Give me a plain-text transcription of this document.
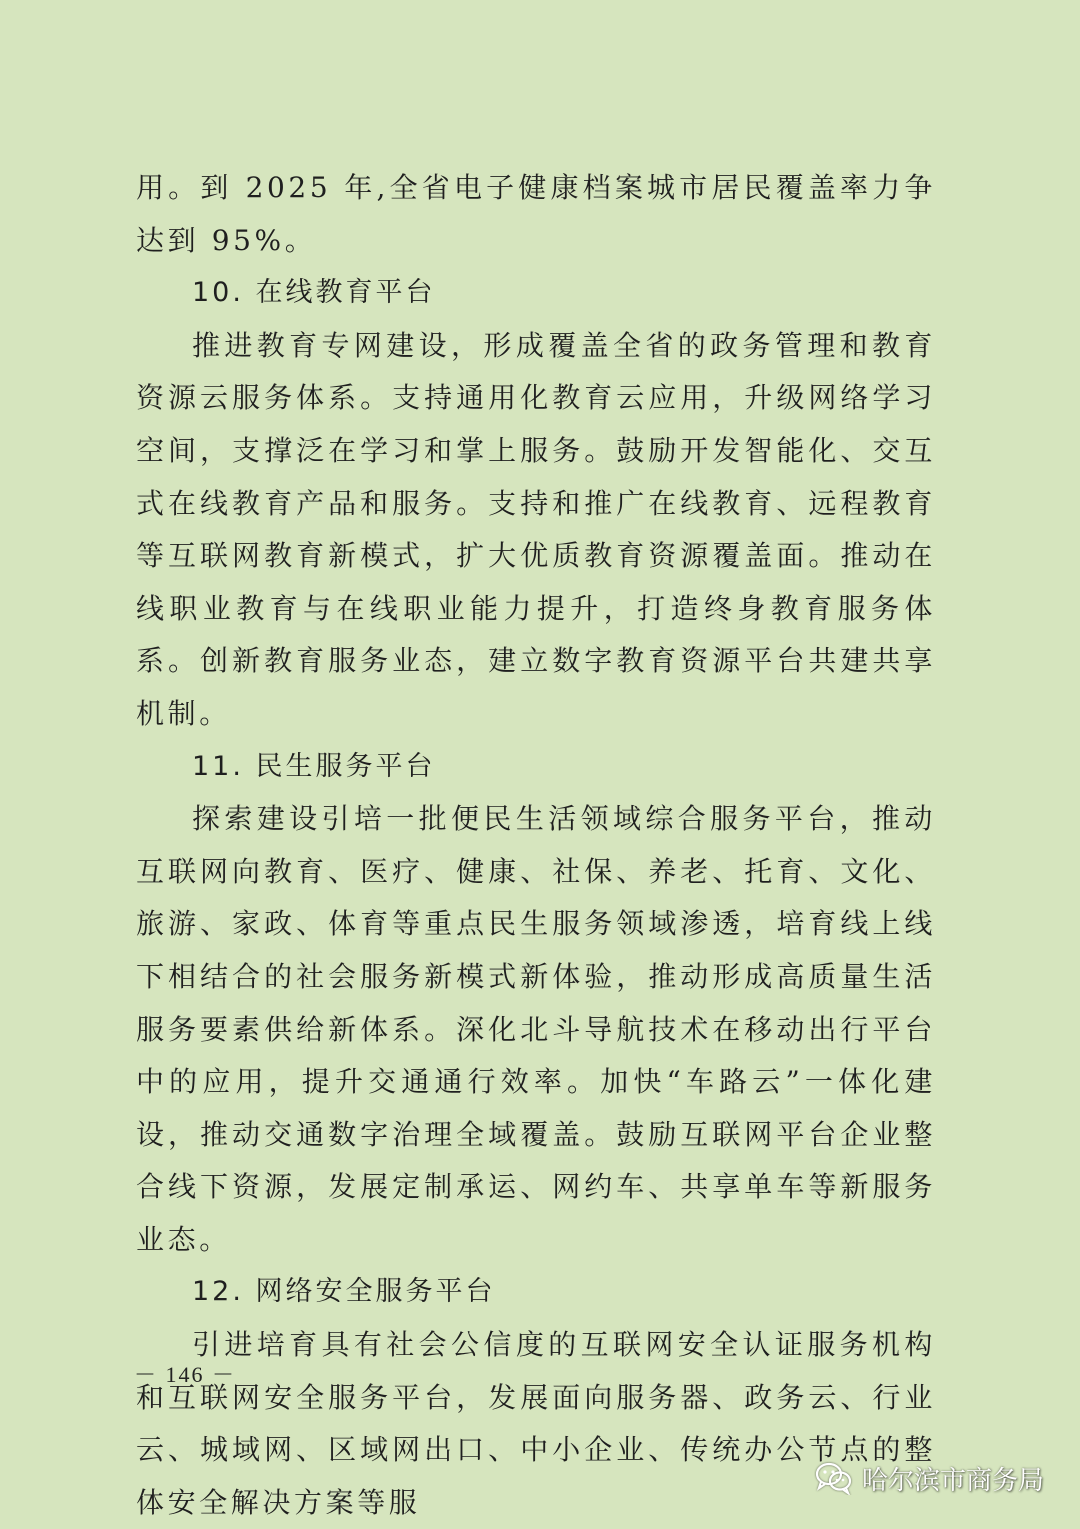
用。到 2025 年,全省电子健康档案城市居民覆盖率力争达到 95%。

10. 在线教育平台

推进教育专网建设，形成覆盖全省的政务管理和教育资源云服务体系。支持通用化教育云应用，升级网络学习空间，支撑泛在学习和掌上服务。鼓励开发智能化、交互式在线教育产品和服务。支持和推广在线教育、远程教育等互联网教育新模式，扩大优质教育资源覆盖面。推动在线职业教育与在线职业能力提升，打造终身教育服务体系。创新教育服务业态，建立数字教育资源平台共建共享机制。

11. 民生服务平台

探索建设引培一批便民生活领域综合服务平台，推动互联网向教育、医疗、健康、社保、养老、托育、文化、旅游、家政、体育等重点民生服务领域渗透，培育线上线下相结合的社会服务新模式新体验，推动形成高质量生活服务要素供给新体系。深化北斗导航技术在移动出行平台中的应用，提升交通通行效率。加快“车路云”一体化建设，推动交通数字治理全域覆盖。鼓励互联网平台企业整合线下资源，发展定制承运、网约车、共享单车等新服务业态。

12. 网络安全服务平台

引进培育具有社会公信度的互联网安全认证服务机构和互联网安全服务平台，发展面向服务器、政务云、行业云、城域网、区域网出口、中小企业、传统办公节点的整体安全解决方案等服

－ 146 －
哈尔滨市商务局
